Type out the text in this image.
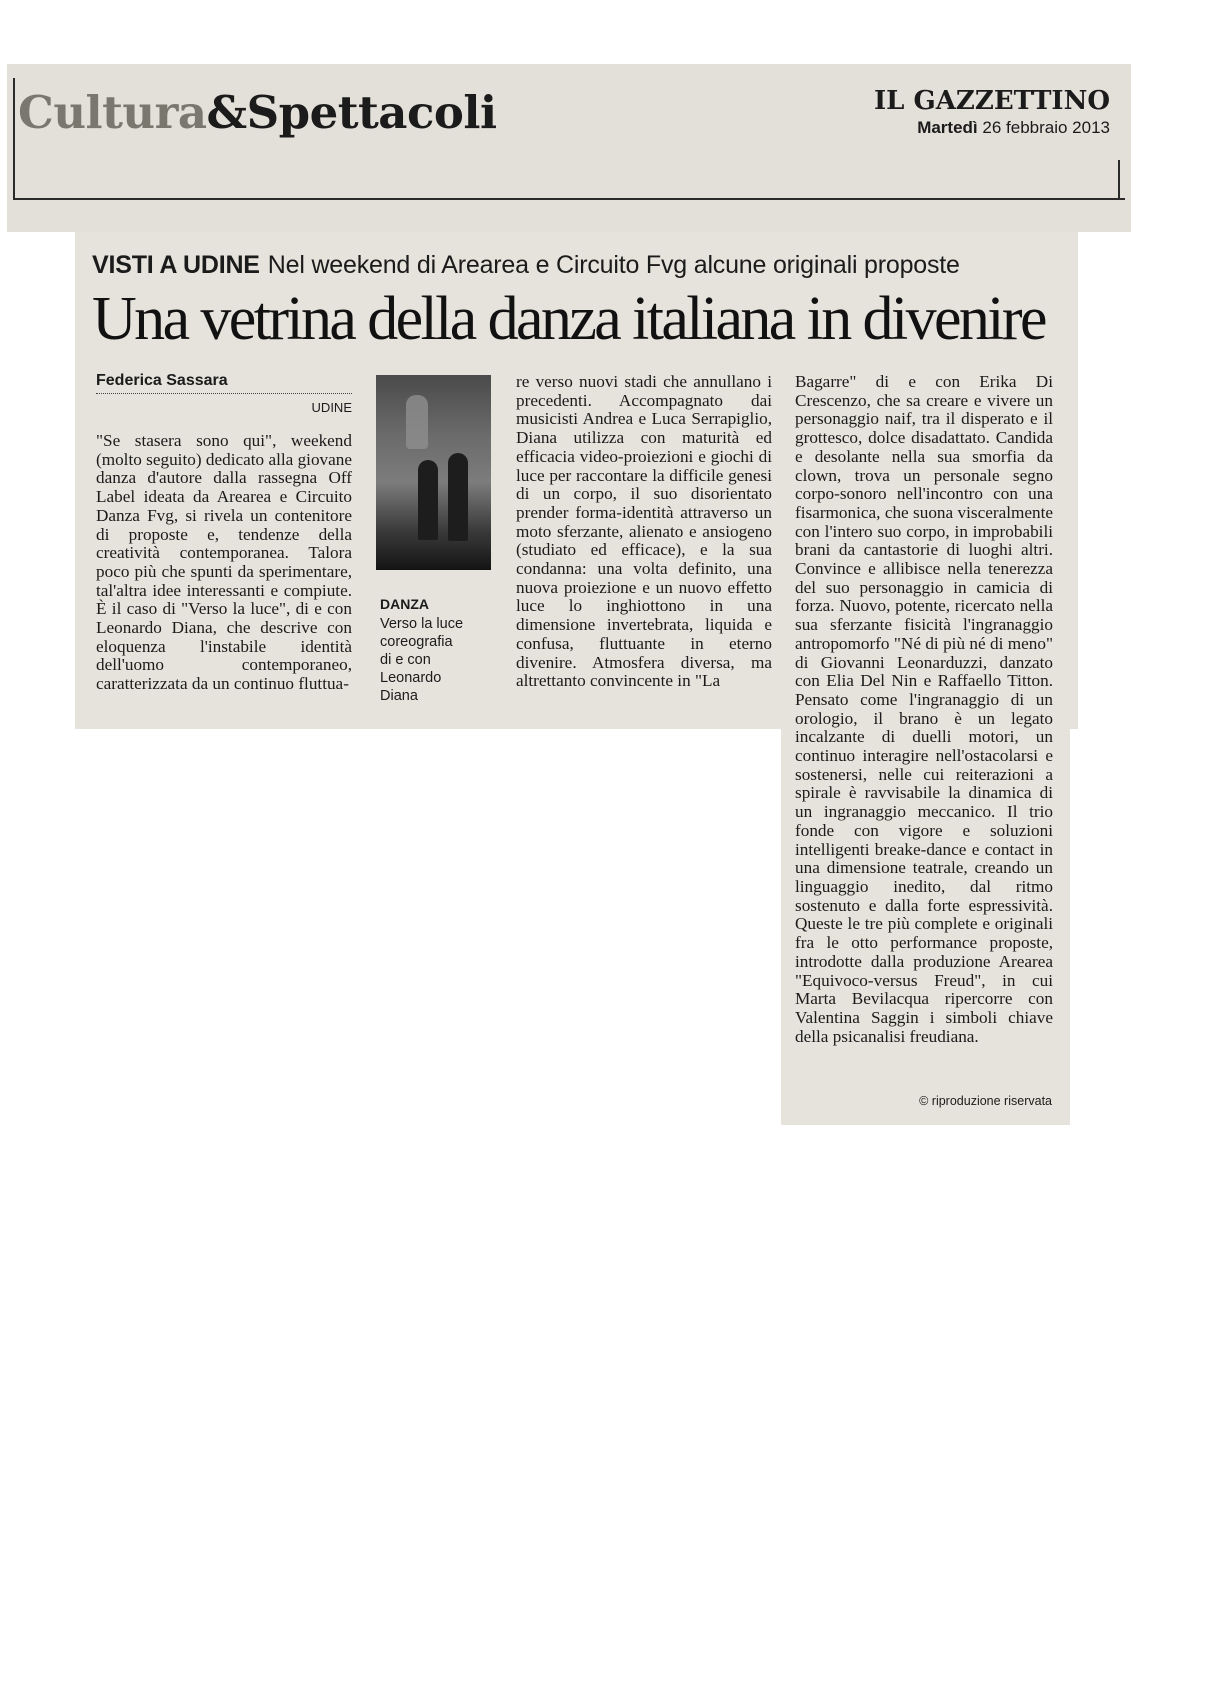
Cultura&Spettacoli	IL GAZZETTINO
Martedì 26 febbraio 2013
VISTI A UDINE Nel weekend di Arearea e Circuito Fvg alcune originali proposte
Una vetrina della danza italiana in divenire
Federica Sassara
UDINE
"Se stasera sono qui", weekend (molto seguito) dedicato alla giovane danza d'autore dalla rassegna Off Label ideata da Arearea e Circuito Danza Fvg, si rivela un contenitore di proposte e, tendenze della creatività contemporanea. Talora poco più che spunti da sperimentare, tal'altra idee interessanti e compiute. È il caso di "Verso la luce", di e con Leonardo Diana, che descrive con eloquenza l'instabile identità dell'uomo contemporaneo, caratterizzata da un continuo fluttua-
DANZA
Verso la luce
coreografia
di e con
Leonardo
Diana
re verso nuovi stadi che annullano i precedenti. Accompagnato dai musicisti Andrea e Luca Serrapiglio, Diana utilizza con maturità ed efficacia video-proiezioni e giochi di luce per raccontare la difficile genesi di un corpo, il suo disorientato prender forma-identità attraverso un moto sferzante, alienato e ansiogeno (studiato ed efficace), e la sua condanna: una volta definito, una nuova proiezione e un nuovo effetto luce lo inghiottono in una dimensione invertebrata, liquida e confusa, fluttuante in eterno divenire. Atmosfera diversa, ma altrettanto convincente in "La
Bagarre" di e con Erika Di Crescenzo, che sa creare e vivere un personaggio naif, tra il disperato e il grottesco, dolce disadattato. Candida e desolante nella sua smorfia da clown, trova un personale segno corpo-sonoro nell'incontro con una fisarmonica, che suona visceralmente con l'intero suo corpo, in improbabili brani da cantastorie di luoghi altri. Convince e allibisce nella tenerezza del suo personaggio in camicia di forza. Nuovo, potente, ricercato nella sua sferzante fisicità l'ingranaggio antropomorfo "Né di più né di meno" di Giovanni Leonarduzzi, danzato con Elia Del Nin e Raffaello Titton. Pensato come l'ingranaggio di un orologio, il brano è un legato incalzante di duelli motori, un continuo interagire nell'ostacolarsi e sostenersi, nelle cui reiterazioni a spirale è ravvisabile la dinamica di un ingranaggio meccanico. Il trio fonde con vigore e soluzioni intelligenti breake-dance e contact in una dimensione teatrale, creando un linguaggio inedito, dal ritmo sostenuto e dalla forte espressività. Queste le tre più complete e originali fra le otto performance proposte, introdotte dalla produzione Arearea "Equivoco-versus Freud", in cui Marta Bevilacqua ripercorre con Valentina Saggin i simboli chiave della psicanalisi freudiana.
© riproduzione riservata
